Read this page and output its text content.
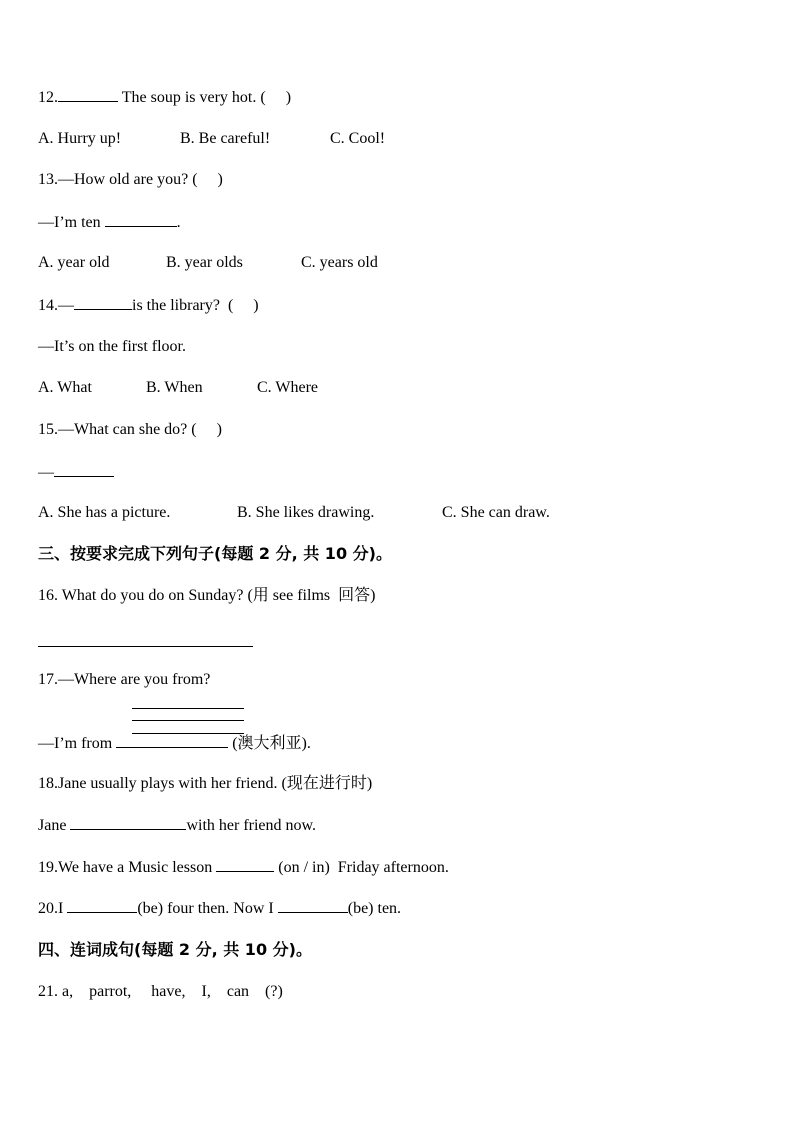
12.	The soup is very hot. (     )
A. Hurry up!	B. Be careful!	C. Cool!
13.—How old are you? (     )
—I’m ten	.
A. year old	B. year olds	C. years old
14.—	is the library?  (     )
—It’s on the first floor.
A. What	B. When	C. Where
15.—What can she do? (     )
—
A. She has a picture.	B. She likes drawing.	C. She can draw.
三、按要求完成下列句子(每题 2 分, 共 10 分)。
16. What do you do on Sunday? (用 see films  回答)
17.—Where are you from?
—I’m from	(澳大利亚).
18.Jane usually plays with her friend. (现在进行时)
Jane	with her friend now.
19.We have a Music lesson	(on / in)  Friday afternoon.
20.I	(be) four then. Now I	(be) ten.
四、连词成句(每题 2 分, 共 10 分)。
21. a,    parrot,     have,    I,    can    (?)
